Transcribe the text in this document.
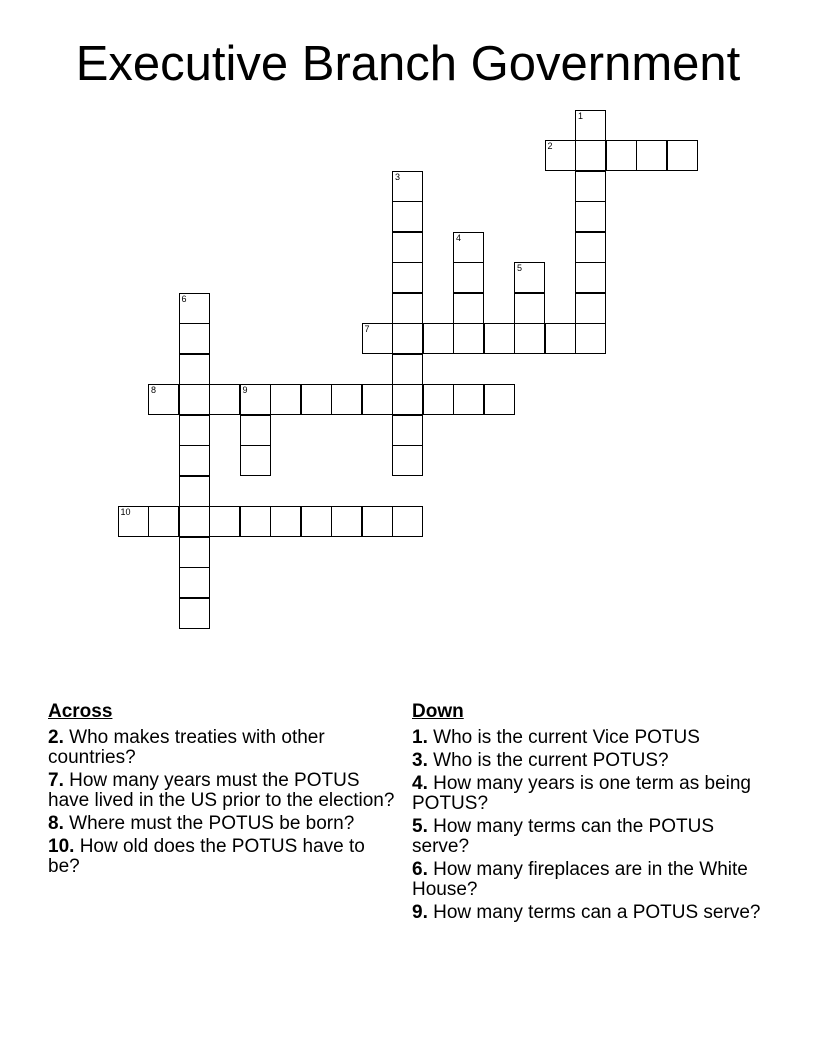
Executive Branch Government
1
2
3
4
5
6
7
8	9
10
Across
2. Who makes treaties with other countries?
7. How many years must the POTUS have lived in the US prior to the election?
8. Where must the POTUS be born?
10. How old does the POTUS have to be?
Down
1. Who is the current Vice POTUS
3. Who is the current POTUS?
4. How many years is one term as being POTUS?
5. How many terms can the POTUS serve?
6. How many fireplaces are in the White House?
9. How many terms can a POTUS serve?
